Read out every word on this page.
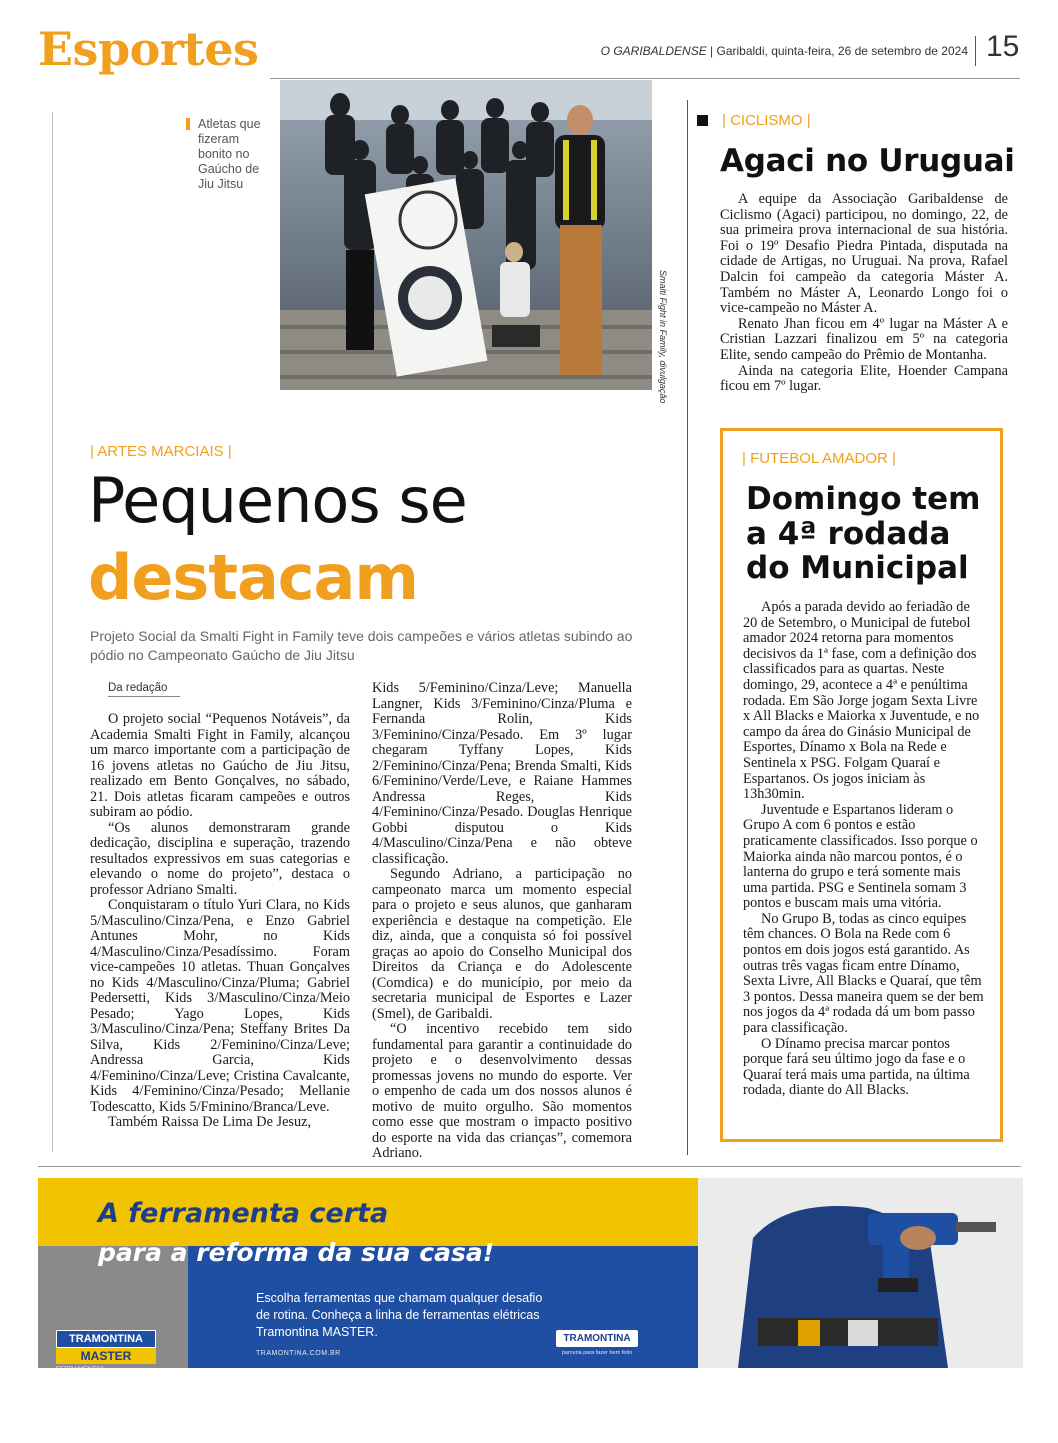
Esportes	O GARIBALDENSE | Garibaldi, quinta-feira, 26 de setembro de 2024 15
Smalti Fight in Family, divulgação
Atletas que fizeram bonito no Gaúcho de Jiu Jitsu
| CICLISMO |
Agaci no Uruguai

A equipe da Associação Garibaldense de Ciclismo (Agaci) participou, no domingo, 22, de sua primeira prova internacional de sua história. Foi o 19º Desafio Piedra Pintada, disputada na cidade de Artigas, no Uruguai. Na prova, Rafael Dalcin foi campeão da categoria Máster A. Também no Máster A, Leonardo Longo foi o vice-campeão no Máster A.

Renato Jhan ficou em 4º lugar na Máster A e Cristian Lazzari finalizou em 5º na categoria Elite, sendo campeão do Prêmio de Montanha.

Ainda na categoria Elite, Hoender Campana ficou em 7º lugar.

| FUTEBOL AMADOR |
Domingo tem a 4ª rodada do Municipal

Após a parada devido ao feriadão de 20 de Setembro, o Municipal de futebol amador 2024 retorna para momentos decisivos da 1ª fase, com a definição dos classificados para as quartas. Neste domingo, 29, acontece a 4ª e penúltima rodada. Em São Jorge jogam Sexta Livre x All Blacks e Maiorka x Juventude, e no campo da área do Ginásio Municipal de Esportes, Dínamo x Bola na Rede e Sentinela x PSG. Folgam Quaraí e Espartanos. Os jogos iniciam às 13h30min.

Juventude e Espartanos lideram o Grupo A com 6 pontos e estão praticamente classificados. Isso porque o Maiorka ainda não marcou pontos, é o lanterna do grupo e terá somente mais uma partida. PSG e Sentinela somam 3 pontos e buscam mais uma vitória.

No Grupo B, todas as cinco equipes têm chances. O Bola na Rede com 6 pontos em dois jogos está garantido. As outras três vagas ficam entre Dínamo, Sexta Livre, All Blacks e Quaraí, que têm 3 pontos. Dessa maneira quem se der bem nos jogos da 4ª rodada dá um bom passo para classificação.

O Dínamo precisa marcar pontos porque fará seu último jogo da fase e o Quaraí terá mais uma partida, na última rodada, diante do All Blacks.

| ARTES MARCIAIS |
Pequenos se
destacam
Projeto Social da Smalti Fight in Family teve dois campeões e vários atletas subindo ao pódio no Campeonato Gaúcho de Jiu Jitsu
Da redação

O projeto social “Pequenos Notáveis”, da Academia Smalti Fight in Family, alcançou um marco importante com a participação de 16 jovens atletas no Gaúcho de Jiu Jitsu, realizado em Bento Gonçalves, no sábado, 21. Dois atletas ficaram campeões e outros subiram ao pódio.

“Os alunos demonstraram grande dedicação, disciplina e superação, trazendo resultados expressivos em suas categorias e elevando o nome do projeto”, destaca o professor Adriano Smalti.

Conquistaram o título Yuri Clara, no Kids 5/Masculino/Cinza/Pena, e Enzo Gabriel Antunes Mohr, no Kids 4/Masculino/Cinza/Pesadíssimo. Foram vice-campeões 10 atletas. Thuan Gonçalves no Kids 4/Masculino/Cinza/Pluma; Gabriel Pedersetti, Kids 3/Masculino/Cinza/Meio Pesado; Yago Lopes, Kids 3/Masculino/Cinza/Pena; Steffany Brites Da Silva, Kids 2/Feminino/Cinza/Leve; Andressa Garcia, Kids 4/Feminino/Cinza/Leve; Cristina Cavalcante, Kids 4/Feminino/Cinza/Pesado; Mellanie Todescatto, Kids 5/Fminino/Branca/Leve.

Também Raissa De Lima De Jesuz,

Kids 5/Feminino/Cinza/Leve; Manuella Langner, Kids 3/Feminino/Cinza/Pluma e Fernanda Rolin, Kids 3/Feminino/Cinza/Pesado. Em 3º lugar chegaram Tyffany Lopes, Kids 2/Feminino/Cinza/Pena; Brenda Smalti, Kids 6/Feminino/Verde/Leve, e Raiane Hammes Andressa Reges, Kids 4/Feminino/Cinza/Pesado. Douglas Henrique Gobbi disputou o Kids 4/Masculino/Cinza/Pena e não obteve classificação.

Segundo Adriano, a participação no campeonato marca um momento especial para o projeto e seus alunos, que ganharam experiência e destaque na competição. Ele diz, ainda, que a conquista só foi possível graças ao apoio do Conselho Municipal dos Direitos da Criança e do Adolescente (Comdica) e do município, por meio da secretaria municipal de Esportes e Lazer (Smel), de Garibaldi.

“O incentivo recebido tem sido fundamental para garantir a continuidade do projeto e o desenvolvimento dessas promessas jovens no mundo do esporte. Ver o empenho de cada um dos nossos alunos é motivo de muito orgulho. São momentos como esse que mostram o impacto positivo do esporte na vida das crianças”, comemora Adriano.

A ferramenta certa
para a reforma da sua casa!
Escolha ferramentas que chamam qualquer desafio de rotina. Conheça a linha de ferramentas elétricas Tramontina MASTER.
TRAMONTINA.COM.BR
TRAMONTINA
MASTER
FERRAMENTAS PROFISSIONAIS
TRAMONTINA
parceria para fazer bem feito
